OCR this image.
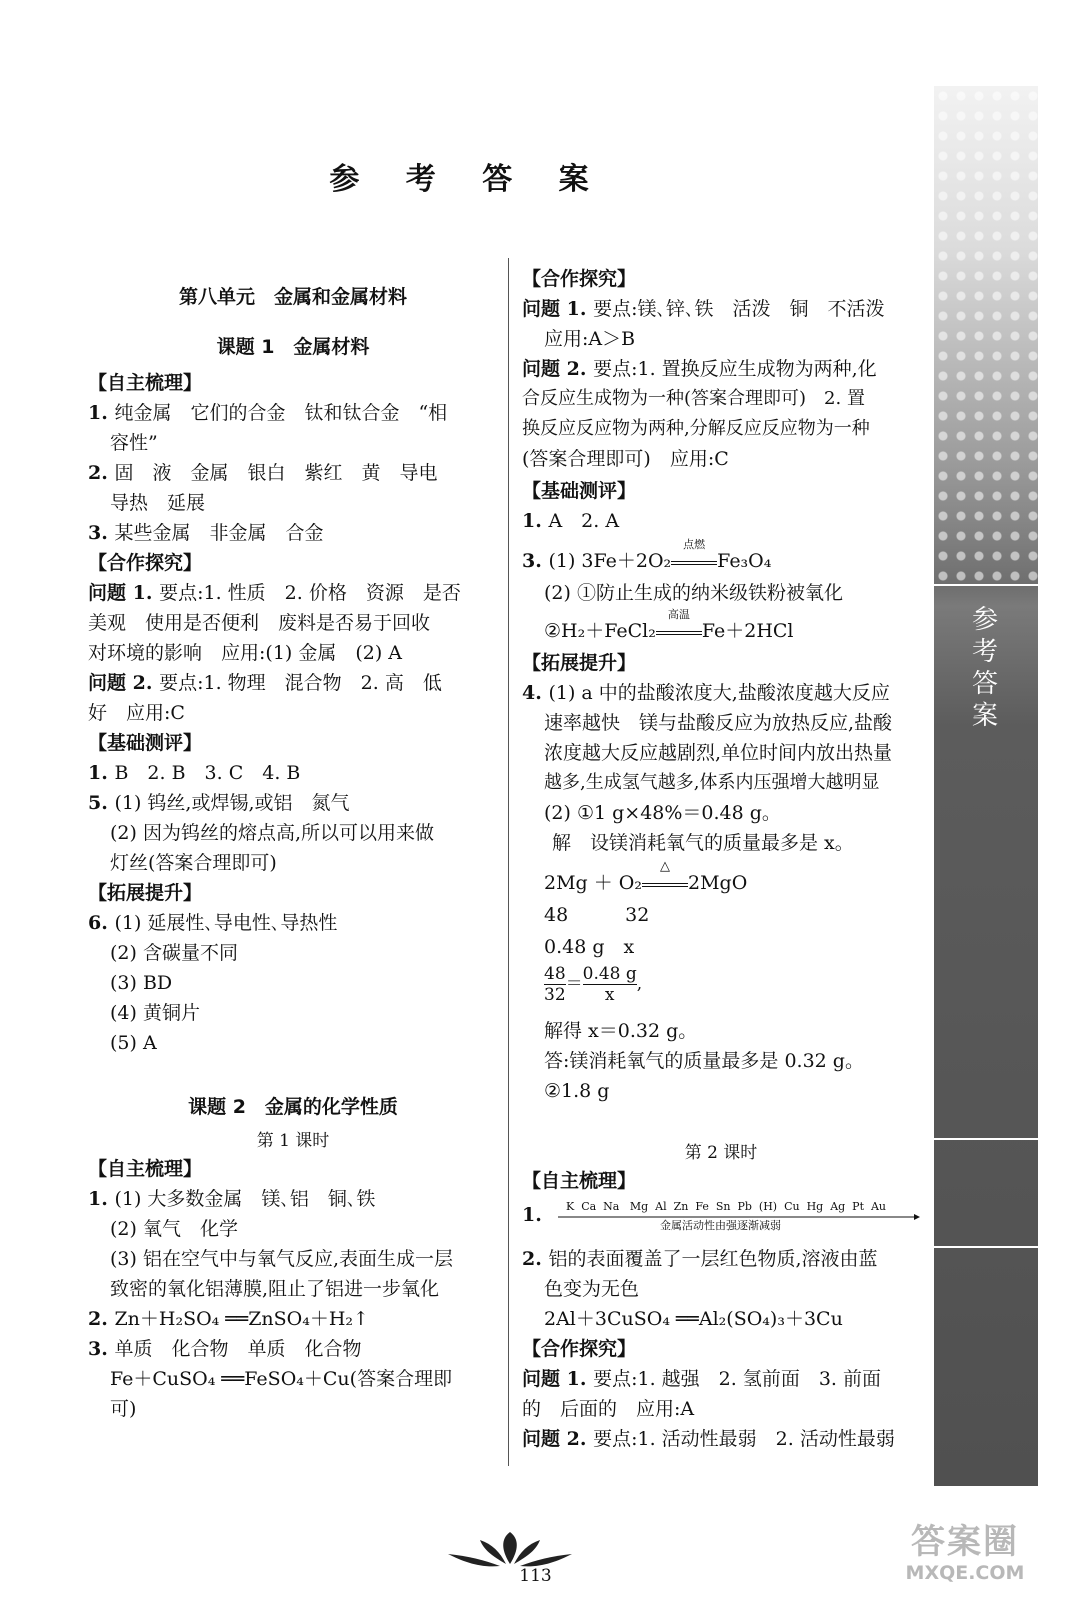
参 考 答 案
参考答案
第八单元　金属和金属材料
课题 1　金属材料
【自主梳理】
1. 纯金属　它们的合金　钛和钛合金　“相
容性”
2. 固　液　金属　银白　紫红　黄　导电
导热　延展
3. 某些金属　非金属　合金
【合作探究】
问题 1. 要点:1. 性质　2. 价格　资源　是否
美观　使用是否便利　废料是否易于回收
对环境的影响　应用:(1) 金属　(2) A
问题 2. 要点:1. 物理　混合物　2. 高　低
好　应用:C
【基础测评】
1. B　2. B　3. C　4. B
5. (1) 钨丝,或焊锡,或铝　氮气
(2) 因为钨丝的熔点高,所以可以用来做
灯丝(答案合理即可)
【拓展提升】
6. (1) 延展性､导电性､导热性
(2) 含碳量不同
(3) BD
(4) 黄铜片
(5) A
课题 2　金属的化学性质
第 1 课时
【自主梳理】
1. (1) 大多数金属　镁､铝　铜､铁
(2) 氧气　化学
(3) 铝在空气中与氧气反应,表面生成一层
致密的氧化铝薄膜,阻止了铝进一步氧化
2. Zn＋H₂SO₄ ══ZnSO₄＋H₂↑
3. 单质　化合物　单质　化合物
Fe＋CuSO₄ ══FeSO₄＋Cu(答案合理即
可)
【合作探究】
问题 1. 要点:镁､锌､铁　活泼　铜　不活泼
应用:A＞B
问题 2. 要点:1. 置换反应生成物为两种,化
合反应生成物为一种(答案合理即可)　2. 置
换反应反应物为两种,分解反应反应物为一种
(答案合理即可)　应用:C
【基础测评】
1. A　2. A
3. (1) 3Fe＋2O₂
点燃
Fe₃O₄
(2) ①防止生成的纳米级铁粉被氧化
②H₂＋FeCl₂
高温
Fe＋2HCl
【拓展提升】
4. (1) a 中的盐酸浓度大,盐酸浓度越大反应
速率越快　镁与盐酸反应为放热反应,盐酸
浓度越大反应越剧烈,单位时间内放出热量
越多,生成氢气越多,体系内压强增大越明显
(2) ①1 g×48%＝0.48 g。
解　设镁消耗氧气的质量最多是 x。
2Mg ＋ O₂
△
2MgO
48　　　32
0.48 g　x
$\frac{48}{32} = \frac{0.48 g}{x}$ ,
解得 x＝0.32 g。
答:镁消耗氧气的质量最多是 0.32 g。
②1.8 g
第 2 课时
【自主梳理】
1.
2. 铝的表面覆盖了一层红色物质,溶液由蓝
色变为无色
2Al＋3CuSO₄ ══Al₂(SO₄)₃＋3Cu
【合作探究】
问题 1. 要点:1. 越强　2. 氢前面　3. 前面
的　后面的　应用:A
问题 2. 要点:1. 活动性最弱　2. 活动性最弱
K  Ca  Na   Mg  Al  Zn  Fe  Sn  Pb  (H)  Cu  Hg  Ag  Pt  Au
金属活动性由强逐渐减弱
113
答案圈
MXQE.COM
